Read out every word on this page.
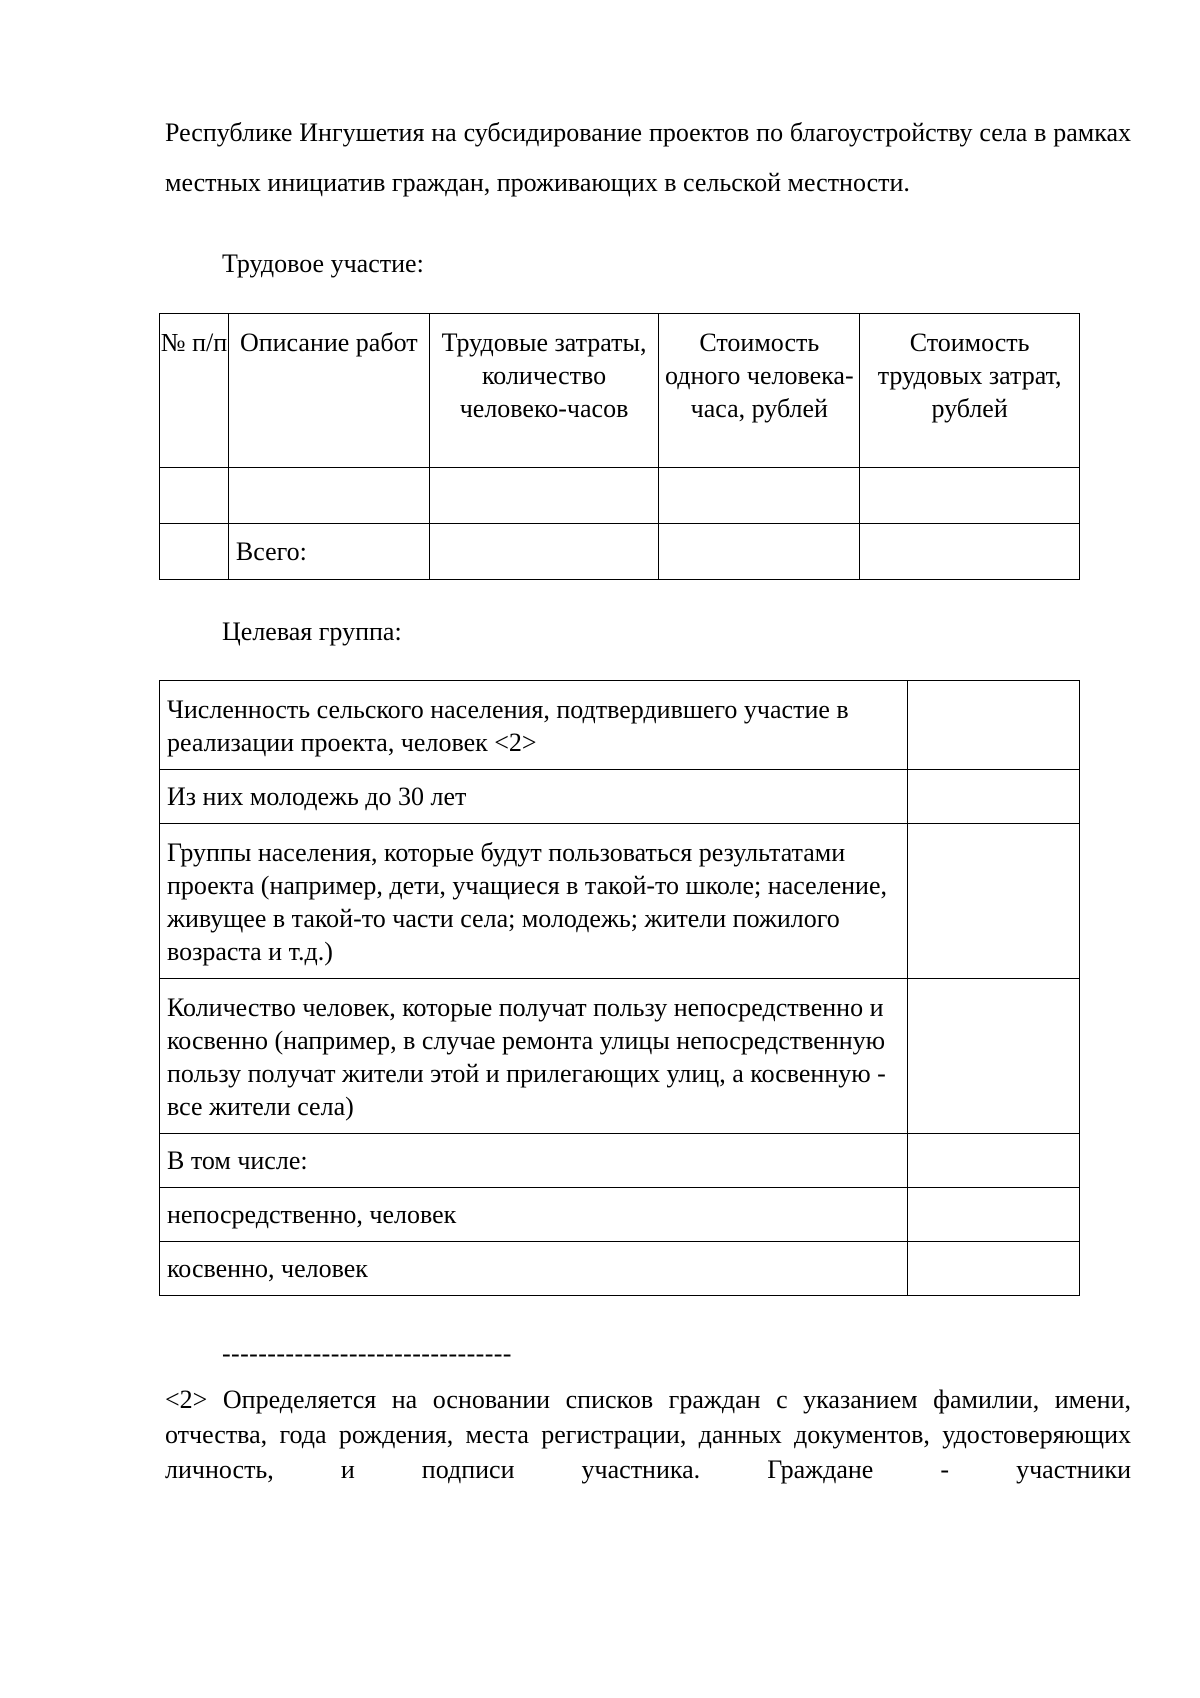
Республике Ингушетия на субсидирование проектов по благоустройству села в рамках местных инициатив граждан, проживающих в сельской местности.

Трудовое участие:

№ п/п	Описание работ	Трудовые затраты, количество человеко-часов	Стоимость одного человека-часа, рублей	Стоимость трудовых затрат, рублей

	Всего:			

Целевая группа:

Численность сельского населения, подтвердившего участие в реализации проекта, человек <2>	
Из них молодежь до 30 лет	
Группы населения, которые будут пользоваться результатами проекта (например, дети, учащиеся в такой-то школе; население, живущее в такой-то части села; молодежь; жители пожилого возраста и т.д.)	
Количество человек, которые получат пользу непосредственно и косвенно (например, в случае ремонта улицы непосредственную пользу получат жители этой и прилегающих улиц, а косвенную - все жители села)	
В том числе:	
непосредственно, человек	
косвенно, человек	

--------------------------------

<2> Определяется на основании списков граждан с указанием фамилии, имени, отчества, года рождения, места регистрации, данных документов, удостоверяющих личность, и подписи участника. Граждане - участники
